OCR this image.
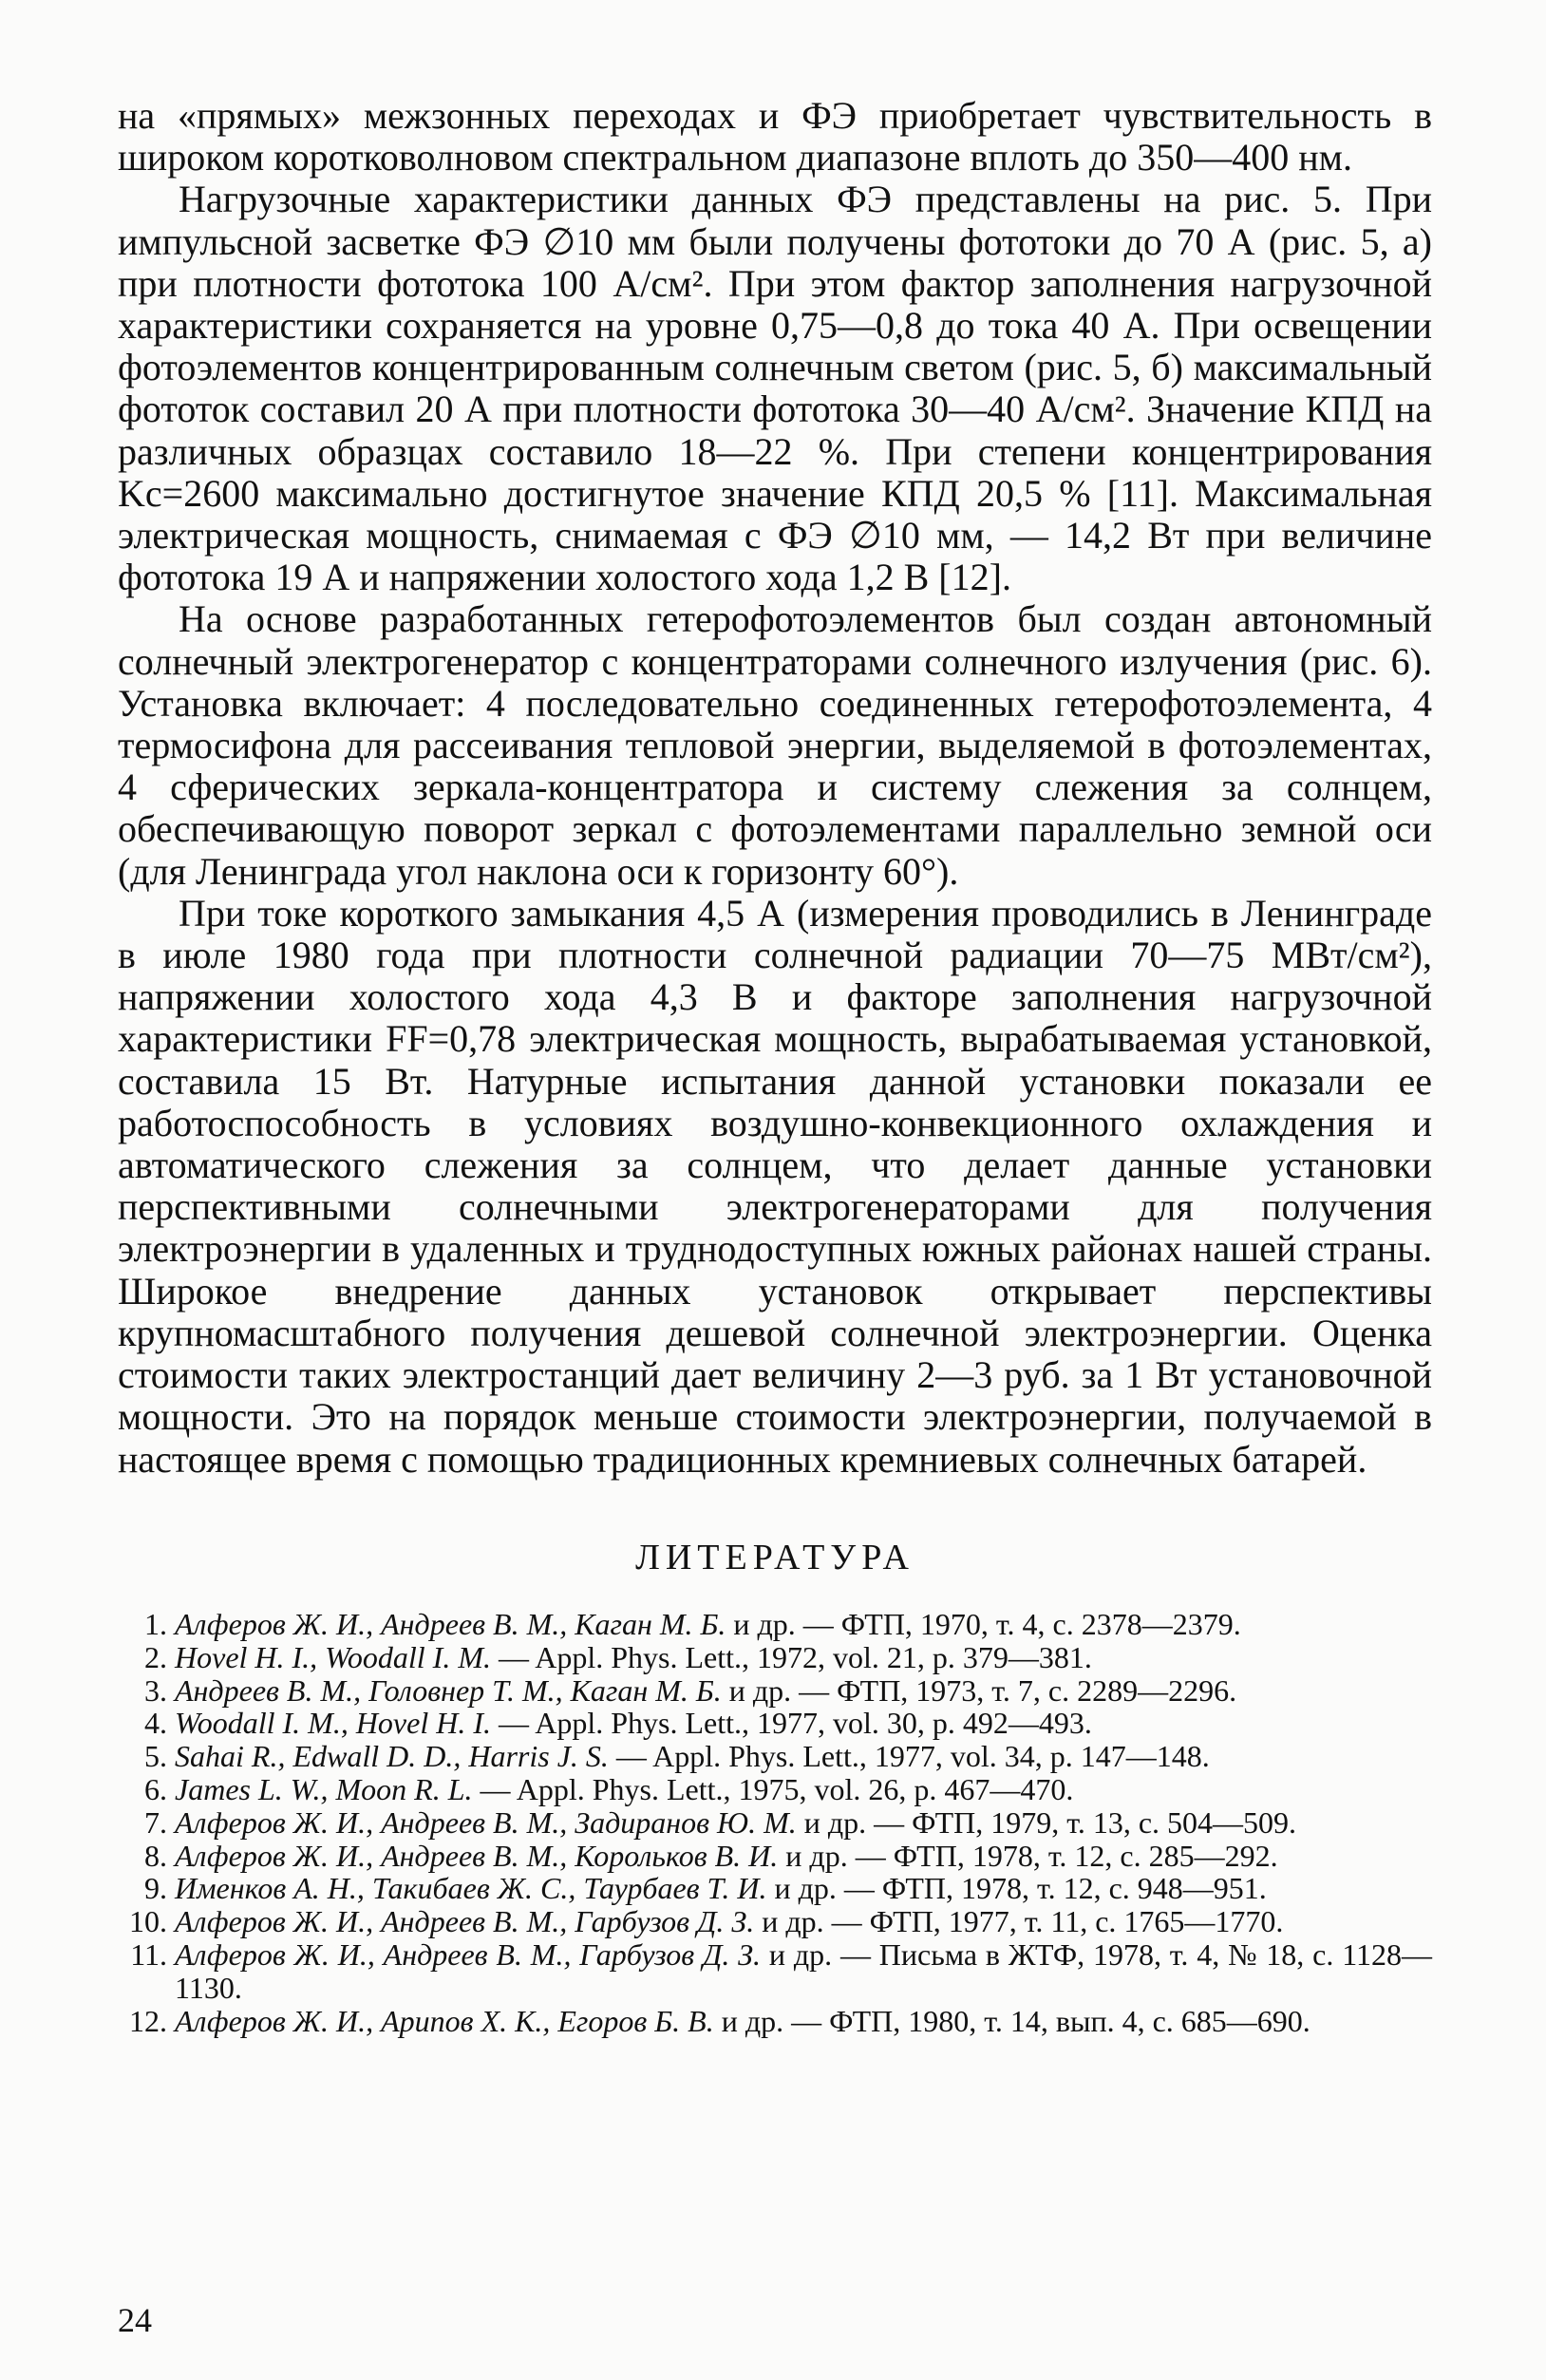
на «прямых» межзонных переходах и ФЭ приобретает чувствительность в широком коротковолновом спектральном диапазоне вплоть до 350—400 нм.

Нагрузочные характеристики данных ФЭ представлены на рис. 5. При импульсной засветке ФЭ ∅10 мм были получены фототоки до 70 А (рис. 5, а) при плотности фототока 100 А/см². При этом фактор заполнения нагрузочной характеристики сохраняется на уровне 0,75—0,8 до тока 40 А. При освещении фотоэлементов концентрированным солнечным светом (рис. 5, б) максимальный фототок составил 20 А при плотности фототока 30—40 А/см². Значение КПД на различных образцах составило 18—22 %. При степени концентрирования Kc=2600 максимально достигнутое значение КПД 20,5 % [11]. Максимальная электрическая мощность, снимаемая с ФЭ ∅10 мм, — 14,2 Вт при величине фототока 19 А и напряжении холостого хода 1,2 В [12].

На основе разработанных гетерофотоэлементов был создан автономный солнечный электрогенератор с концентраторами солнечного излучения (рис. 6). Установка включает: 4 последовательно соединенных гетерофотоэлемента, 4 термосифона для рассеивания тепловой энергии, выделяемой в фотоэлементах, 4 сферических зеркала-концентратора и систему слежения за солнцем, обеспечивающую поворот зеркал с фотоэлементами параллельно земной оси (для Ленинграда угол наклона оси к горизонту 60°).

При токе короткого замыкания 4,5 А (измерения проводились в Ленинграде в июле 1980 года при плотности солнечной радиации 70—75 МВт/см²), напряжении холостого хода 4,3 В и факторе заполнения нагрузочной характеристики FF=0,78 электрическая мощность, вырабатываемая установкой, составила 15 Вт. Натурные испытания данной установки показали ее работоспособность в условиях воздушно-конвекционного охлаждения и автоматического слежения за солнцем, что делает данные установки перспективными солнечными электрогенераторами для получения электроэнергии в удаленных и труднодоступных южных районах нашей страны. Широкое внедрение данных установок открывает перспективы крупномасштабного получения дешевой солнечной электроэнергии. Оценка стоимости таких электростанций дает величину 2—3 руб. за 1 Вт установочной мощности. Это на порядок меньше стоимости электроэнергии, получаемой в настоящее время с помощью традиционных кремниевых солнечных батарей.

ЛИТЕРАТУРА
1. Алферов Ж. И., Андреев В. М., Каган М. Б. и др. — ФТП, 1970, т. 4, с. 2378—2379.
2. Hovel H. I., Woodall I. M. — Appl. Phys. Lett., 1972, vol. 21, p. 379—381.
3. Андреев В. М., Головнер Т. М., Каган М. Б. и др. — ФТП, 1973, т. 7, с. 2289—2296.
4. Woodall I. M., Hovel H. I. — Appl. Phys. Lett., 1977, vol. 30, p. 492—493.
5. Sahai R., Edwall D. D., Harris J. S. — Appl. Phys. Lett., 1977, vol. 34, p. 147—148.
6. James L. W., Moon R. L. — Appl. Phys. Lett., 1975, vol. 26, p. 467—470.
7. Алферов Ж. И., Андреев В. М., Задиранов Ю. М. и др. — ФТП, 1979, т. 13, с. 504—509.
8. Алферов Ж. И., Андреев В. М., Корольков В. И. и др. — ФТП, 1978, т. 12, с. 285—292.
9. Именков А. Н., Такибаев Ж. С., Таурбаев Т. И. и др. — ФТП, 1978, т. 12, с. 948—951.
10. Алферов Ж. И., Андреев В. М., Гарбузов Д. З. и др. — ФТП, 1977, т. 11, с. 1765—1770.
11. Алферов Ж. И., Андреев В. М., Гарбузов Д. З. и др. — Письма в ЖТФ, 1978, т. 4, № 18, с. 1128—1130.
12. Алферов Ж. И., Арипов Х. К., Егоров Б. В. и др. — ФТП, 1980, т. 14, вып. 4, с. 685—690.
24
